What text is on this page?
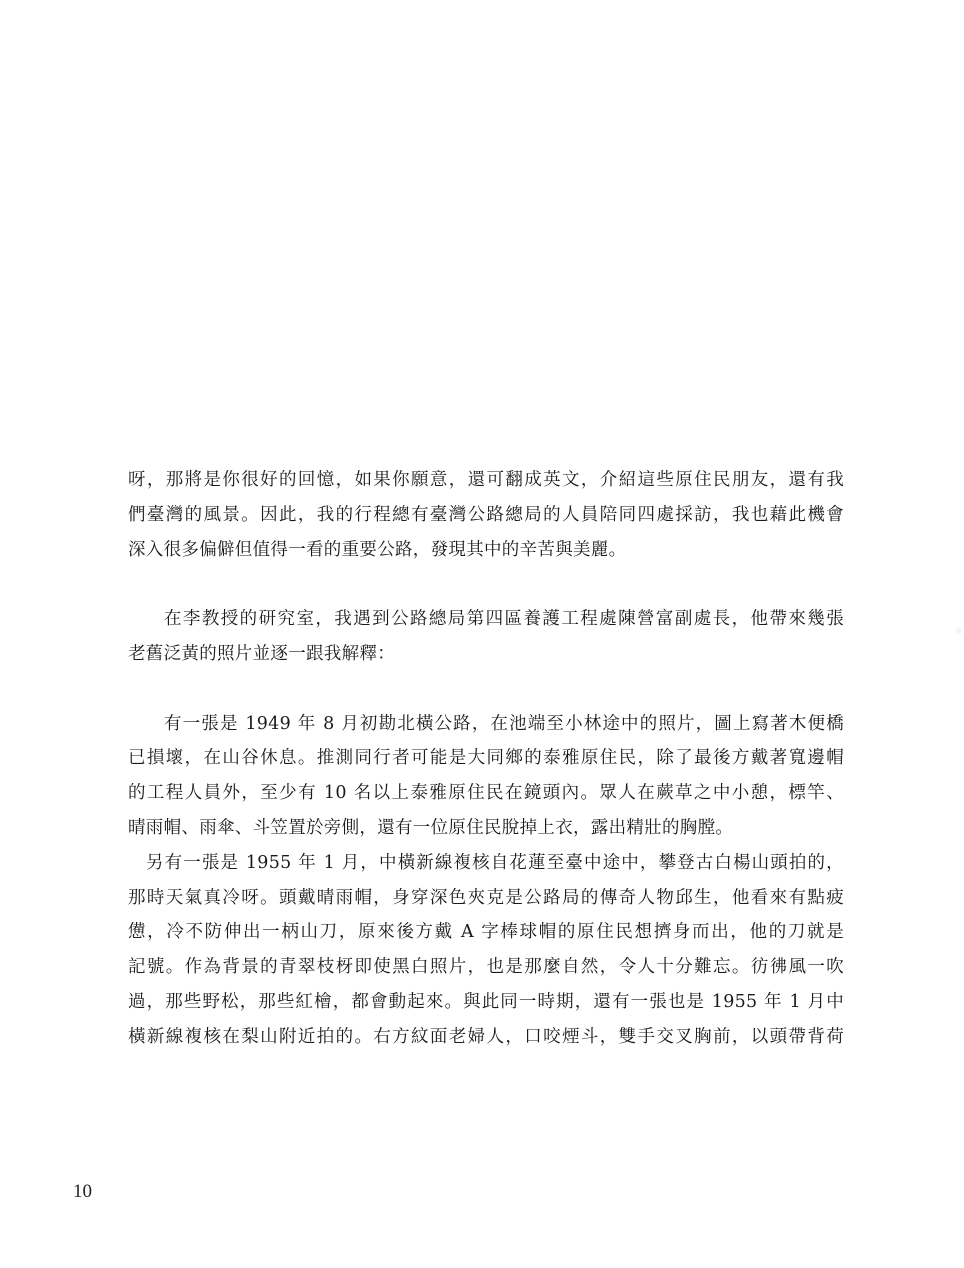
呀，那將是你很好的回憶，如果你願意，還可翻成英文，介紹這些原住民朋友，還有我
們臺灣的風景。因此，我的行程總有臺灣公路總局的人員陪同四處採訪，我也藉此機會
深入很多偏僻但值得一看的重要公路，發現其中的辛苦與美麗。
在李教授的研究室，我遇到公路總局第四區養護工程處陳營富副處長，他帶來幾張
老舊泛黃的照片並逐一跟我解釋：
有一張是 1949 年 8 月初勘北橫公路，在池端至小林途中的照片，圖上寫著木便橋
已損壞，在山谷休息。推測同行者可能是大同鄉的泰雅原住民，除了最後方戴著寬邊帽
的工程人員外，至少有 10 名以上泰雅原住民在鏡頭內。眾人在蕨草之中小憩，標竿、
晴雨帽、雨傘、斗笠置於旁側，還有一位原住民脫掉上衣，露出精壯的胸膛。
另有一張是 1955 年 1 月，中橫新線複核自花蓮至臺中途中，攀登古白楊山頭拍的，
那時天氣真冷呀。頭戴晴雨帽，身穿深色夾克是公路局的傳奇人物邱生，他看來有點疲
憊，冷不防伸出一柄山刀，原來後方戴 A 字棒球帽的原住民想擠身而出，他的刀就是
記號。作為背景的青翠枝枒即使黑白照片，也是那麼自然，令人十分難忘。彷彿風一吹
過，那些野松，那些紅檜，都會動起來。與此同一時期，還有一張也是 1955 年 1 月中
橫新線複核在梨山附近拍的。右方紋面老婦人，口咬煙斗，雙手交叉胸前，以頭帶背荷
10
